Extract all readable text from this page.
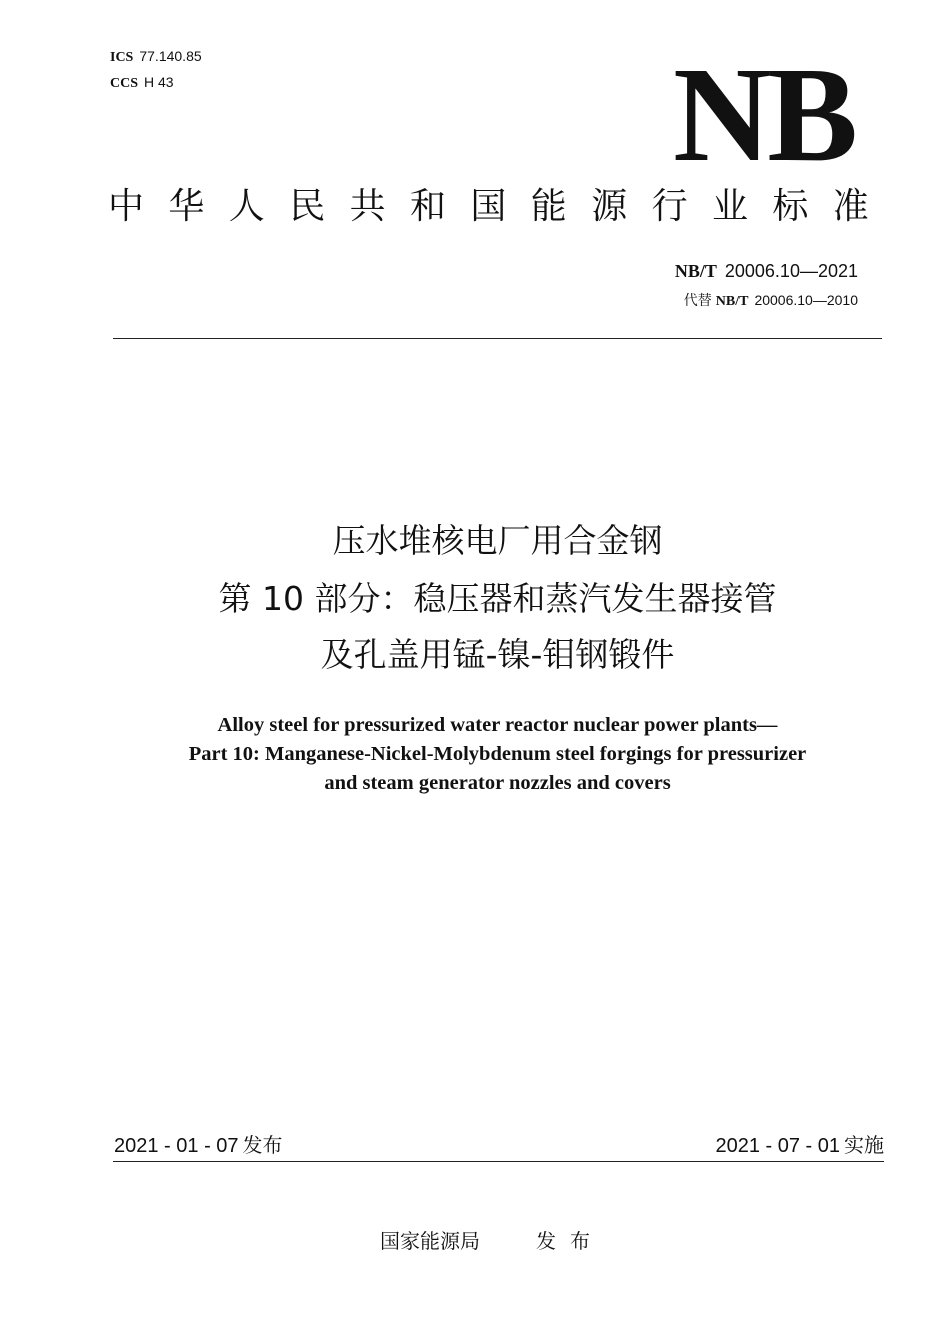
ICS 77.140.85
CCS H 43	NB
中华人民共和国能源行业标准
NB/T 20006.10—2021
代替 NB/T 20006.10—2010
压水堆核电厂用合金钢
第 10 部分：稳压器和蒸汽发生器接管
及孔盖用锰-镍-钼钢锻件
Alloy steel for pressurized water reactor nuclear power plants—
Part 10: Manganese-Nickel-Molybdenum steel forgings for pressurizer
and steam generator nozzles and covers
2021 - 01 - 07 发布	2021 - 07 - 01 实施
国家能源局	发布
